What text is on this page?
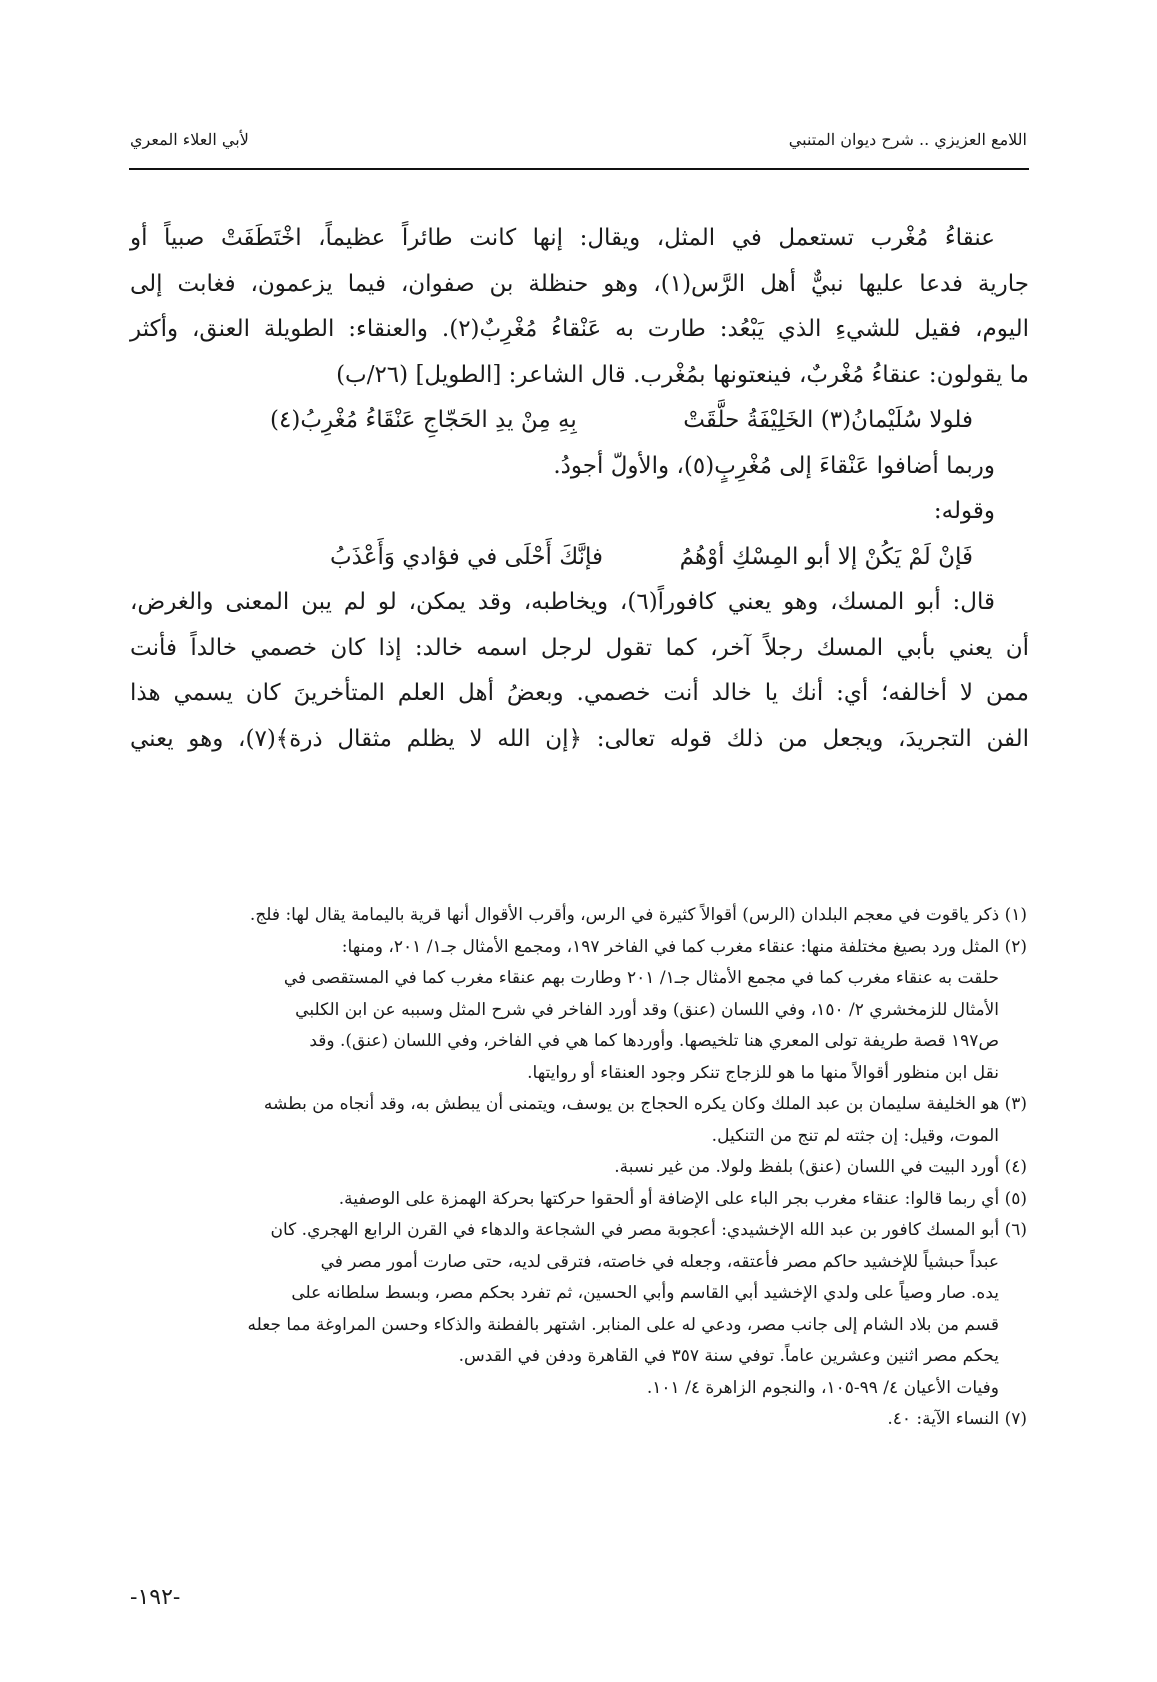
اللامع العزيزي .. شرح ديوان المتنبي
لأبي العلاء المعري

عنقاءُ مُغْرب تستعمل في المثل، ويقال: إنها كانت طائراً عظيماً، اخْتَطَفَتْ صبياً أو

جارية فدعا عليها نبيٌّ أهل الرَّس(١)، وهو حنظلة بن صفوان، فيما يزعمون، فغابت إلى

اليوم، فقيل للشيءِ الذي يَبْعُد: طارت به عَنْقاءُ مُغْرِبٌ(٢). والعنقاء: الطويلة العنق، وأكثر

ما يقولون: عنقاءُ مُغْربٌ، فينعتونها بمُغْرب. قال الشاعر: [الطويل] (٢٦/ب)

فلولا سُلَيْمانُ(٣) الخَلِيْفَةُ حلَّقَتْ
بِهِ مِنْ يدِ الحَجّاجِ عَنْقَاءُ مُغْرِبُ(٤)

وربما أضافوا عَنْقاءَ إلى مُغْرِبٍ(٥)، والأولّ أجودُ.

وقوله:

فَإنْ لَمْ يَكُنْ إلا أبو المِسْكِ أوْهُمُ
فإنَّكَ أَحْلَى في فؤادي وَأَعْذَبُ

قال: أبو المسك، وهو يعني كافوراً(٦)، ويخاطبه، وقد يمكن، لو لم يبن المعنى والغرض،

أن يعني بأبي المسك رجلاً آخر، كما تقول لرجل اسمه خالد: إذا كان خصمي خالداً فأنت

ممن لا أخالفه؛ أي: أنك يا خالد أنت خصمي. وبعضُ أهل العلم المتأخرينَ كان يسمي هذا

الفن التجريدَ، ويجعل من ذلك قوله تعالى: ﴿إن الله لا يظلم مثقال ذرة﴾(٧)، وهو يعني

(١) ذكر ياقوت في معجم البلدان (الرس) أقوالاً كثيرة في الرس، وأقرب الأقوال أنها قرية باليمامة يقال لها: فلج.

(٢) المثل ورد بصيغ مختلفة منها: عنقاء مغرب كما في الفاخر ١٩٧، ومجمع الأمثال جـ١/ ٢٠١، ومنها:

حلقت به عنقاء مغرب كما في مجمع الأمثال جـ١/ ٢٠١ وطارت بهم عنقاء مغرب كما في المستقصى في

الأمثال للزمخشري ٢/ ١٥٠، وفي اللسان (عنق) وقد أورد الفاخر في شرح المثل وسببه عن ابن الكلبي

ص١٩٧ قصة طريفة تولى المعري هنا تلخيصها. وأوردها كما هي في الفاخر، وفي اللسان (عنق). وقد

نقل ابن منظور أقوالاً منها ما هو للزجاج تنكر وجود العنقاء أو روايتها.

(٣) هو الخليفة سليمان بن عبد الملك وكان يكره الحجاج بن يوسف، ويتمنى أن يبطش به، وقد أنجاه من بطشه

الموت، وقيل: إن جثته لم تنج من التنكيل.

(٤) أورد البيت في اللسان (عنق) بلفظ ولولا. من غير نسبة.

(٥) أي ربما قالوا: عنقاء مغرب بجر الباء على الإضافة أو ألحقوا حركتها بحركة الهمزة على الوصفية.

(٦) أبو المسك كافور بن عبد الله الإخشيدي: أعجوبة مصر في الشجاعة والدهاء في القرن الرابع الهجري. كان

عبداً حبشياً للإخشيد حاكم مصر فأعتقه، وجعله في خاصته، فترقى لديه، حتى صارت أمور مصر في

يده. صار وصياً على ولدي الإخشيد أبي القاسم وأبي الحسين، ثم تفرد بحكم مصر، وبسط سلطانه على

قسم من بلاد الشام إلى جانب مصر، ودعي له على المنابر. اشتهر بالفطنة والذكاء وحسن المراوغة مما جعله

يحكم مصر اثنين وعشرين عاماً. توفي سنة ٣٥٧ في القاهرة ودفن في القدس.

وفيات الأعيان ٤/ ٩٩-١٠٥، والنجوم الزاهرة ٤/ ١٠١.

(٧) النساء الآية: ٤٠.

-١٩٢-
